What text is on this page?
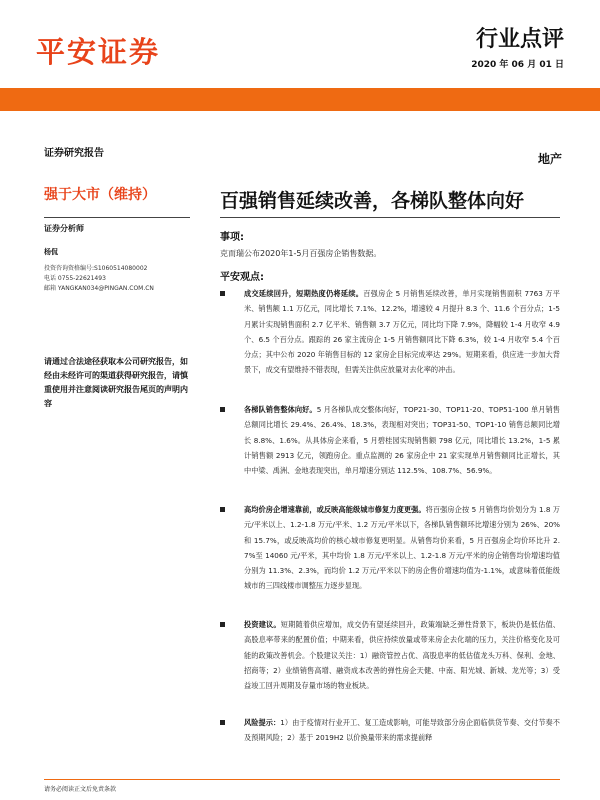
平安证券	行业点评
2020 年 06 月 01 日
证券研究报告	地产
强于大市（维持）	百强销售延续改善，各梯队整体向好
证券分析师
杨侃
投资咨询资格编号:S1060514080002
电话 0755-22621493
邮箱 YANGKAN034@PINGAN.COM.CN
请通过合法途径获取本公司研究报告，如经由未经许可的渠道获得研究报告，请慎重使用并注意阅读研究报告尾页的声明内容
事项:
克而瑞公布2020年1-5月百强房企销售数据。
平安观点:
成交延续回升，短期热度仍将延续。百强房企 5 月销售延续改善，单月实现销售面积 7763 万平米、销售额 1.1 万亿元，同比增长 7.1%、12.2%，增速较 4 月提升 8.3 个、11.6 个百分点；1-5 月累计实现销售面积 2.7 亿平米、销售额 3.7 万亿元，同比均下降 7.9%，降幅较 1-4 月收窄 4.9 个、6.5 个百分点。跟踪的 26 家主流房企 1-5 月销售额同比下降 6.3%，较 1-4 月收窄 5.4 个百分点；其中公布 2020 年销售目标的 12 家房企目标完成率达 29%。短期来看，供应进一步加大背景下，成交有望维持不错表现，但需关注供应放量对去化率的冲击。
各梯队销售整体向好。5 月各梯队成交整体向好，TOP21-30、TOP11-20、TOP51-100 单月销售总额同比增长 29.4%、26.4%、18.3%，表现相对突出；TOP31-50、TOP1-10 销售总额同比增长 8.8%、1.6%。从具体房企来看，5 月碧桂园实现销售额 798 亿元，同比增长 13.2%，1-5 累计销售额 2913 亿元，领跑房企。重点监测的 26 家房企中 21 家实现单月销售额同比正增长，其中中梁、禹洲、金地表现突出，单月增速分别达 112.5%、108.7%、56.9%。
高均价房企增速靠前，或反映高能级城市修复力度更强。将百强房企按 5 月销售均价划分为 1.8 万元/平米以上、1.2-1.8 万元/平米、1.2 万元/平米以下，各梯队销售额环比增速分别为 26%、20%和 15.7%，或反映高均价的核心城市修复更明显。从销售均价来看，5 月百强房企均价环比升 2.7%至 14060 元/平米，其中均价 1.8 万元/平米以上、1.2-1.8 万元/平米的房企销售均价增速均值分别为 11.3%、2.3%，而均价 1.2 万元/平米以下的房企售价增速均值为-1.1%，或意味着低能级城市的三四线楼市调整压力逐步显现。
投资建议。短期随着供应增加，成交仍有望延续回升，政策端缺乏弹性背景下，板块仍是低估值、高股息率带来的配置价值；中期来看，供应持续放量或带来房企去化端的压力，关注价格变化及可能的政策改善机会。个股建议关注：1）融资管控占优、高股息率的低估值龙头万科、保利、金地、招商等；2）业绩销售高增、融资成本改善的弹性房企天健、中南、阳光城、新城、龙光等；3）受益竣工回升周期及存量市场的物业板块。
风险提示：1）由于疫情对行业开工、复工造成影响，可能导致部分房企面临供货节奏、交付节奏不及预期风险；2）基于 2019H2 以价换量带来的需求提前释
请务必阅读正文后免责条款
